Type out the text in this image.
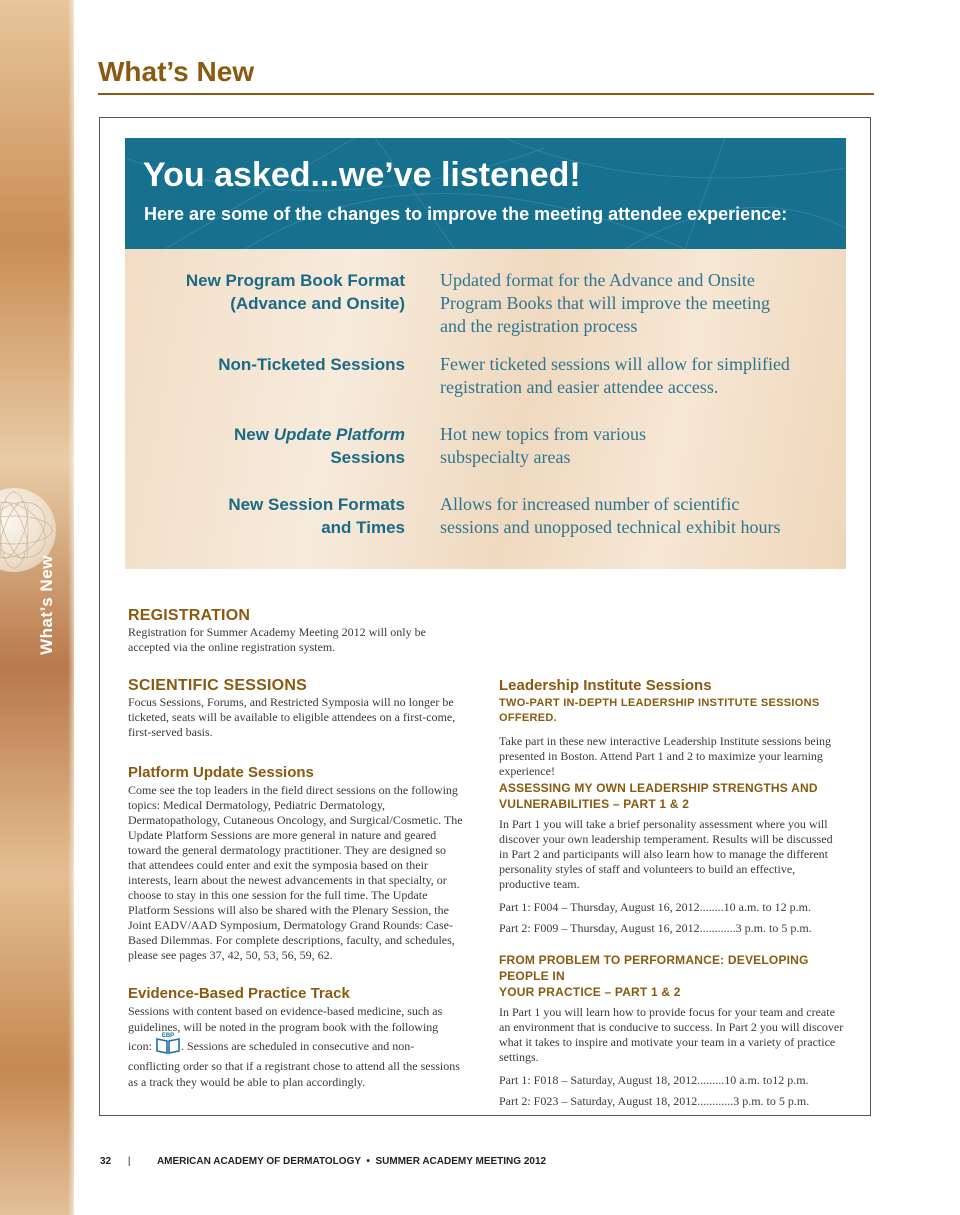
What’s New
What’s New
You asked...we’ve listened!

Here are some of the changes to improve the meeting attendee experience:

New Program Book Format
(Advance and Onsite)
Updated format for the Advance and Onsite
Program Books that will improve the meeting
and the registration process
Non-Ticketed Sessions Fewer ticketed sessions will allow for simplified
registration and easier attendee access.
New Update Platform
Sessions
Hot new topics from various
subspecialty areas
New Session Formats
and Times
Allows for increased number of scientific
sessions and unopposed technical exhibit hours
REGISTRATION

Registration for Summer Academy Meeting 2012 will only be accepted via the online registration system.

SCIENTIFIC SESSIONS

Focus Sessions, Forums, and Restricted Symposia will no longer be ticketed, seats will be available to eligible attendees on a first-come, first-served basis.

Platform Update Sessions

Come see the top leaders in the field direct sessions on the following topics: Medical Dermatology, Pediatric Dermatology, Dermatopathology, Cutaneous Oncology, and Surgical/Cosmetic. The Update Platform Sessions are more general in nature and geared toward the general dermatology practitioner. They are designed so that attendees could enter and exit the symposia based on their interests, learn about the newest advancements in that specialty, or choose to stay in this one session for the full time. The Update Platform Sessions will also be shared with the Plenary Session, the Joint EADV/AAD Symposium, Dermatology Grand Rounds: Case-Based Dilemmas. For complete descriptions, faculty, and schedules, please see pages 37, 42, 50, 53, 56, 59, 62.

Evidence-Based Practice Track

Sessions with content based on evidence-based medicine, such as guidelines, will be noted in the program book with the following icon:
EBP
. Sessions are scheduled in consecutive and non-conflicting order so that if a registrant chose to attend all the sessions as a track they would be able to plan accordingly.

Leadership Institute Sessions
TWO-PART IN-DEPTH LEADERSHIP INSTITUTE SESSIONS OFFERED.

Take part in these new interactive Leadership Institute sessions being presented in Boston. Attend Part 1 and 2 to maximize your learning experience!

ASSESSING MY OWN LEADERSHIP STRENGTHS AND
VULNERABILITIES – PART 1 & 2

In Part 1 you will take a brief personality assessment where you will discover your own leadership temperament. Results will be discussed in Part 2 and participants will also learn how to manage the different personality styles of staff and volunteers to build an effective, productive team.

Part 1: F004 – Thursday, August 16, 2012........10 a.m. to 12 p.m.

Part 2: F009 – Thursday, August 16, 2012............3 p.m. to 5 p.m.

FROM PROBLEM TO PERFORMANCE: DEVELOPING PEOPLE IN
YOUR PRACTICE – PART 1 & 2

In Part 1 you will learn how to provide focus for your team and create an environment that is conducive to success. In Part 2 you will discover what it takes to inspire and motivate your team in a variety of practice settings.

Part 1: F018 – Saturday, August 18, 2012.........10 a.m. to12 p.m.

Part 2: F023 – Saturday, August 18, 2012............3 p.m. to 5 p.m.

32 |	AMERICAN ACADEMY OF DERMATOLOGY • SUMMER ACADEMY MEETING 2012
